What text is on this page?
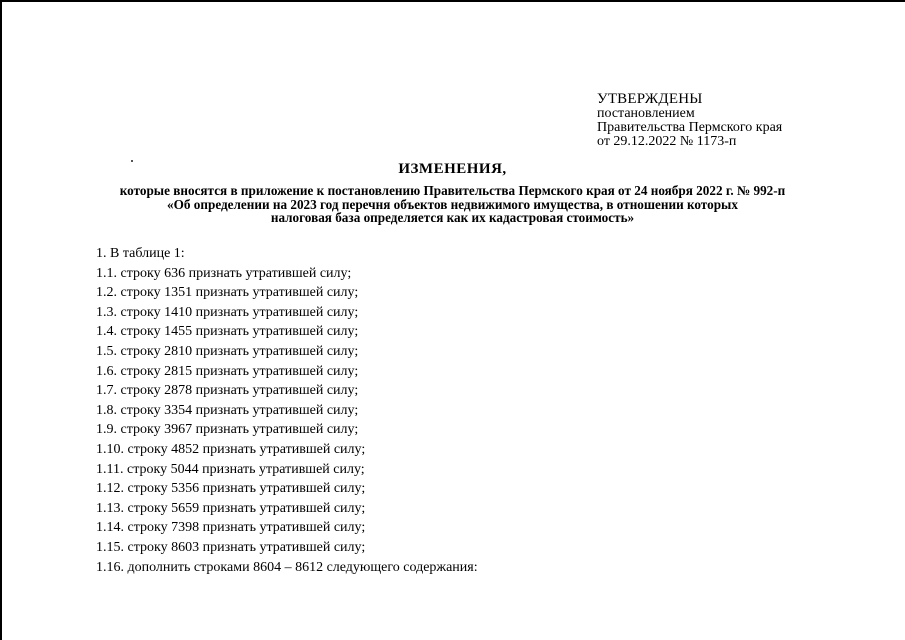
УТВЕРЖДЕНЫ
постановлением
Правительства Пермского края
от 29.12.2022 № 1173-п
ИЗМЕНЕНИЯ,
которые вносятся в приложение к постановлению Правительства Пермского края от 24 ноября 2022 г. № 992-п
«Об определении на 2023 год перечня объектов недвижимого имущества, в отношении которых
налоговая база определяется как их кадастровая стоимость»
1. В таблице 1:
1.1. строку 636 признать утратившей силу;
1.2. строку 1351 признать утратившей силу;
1.3. строку 1410 признать утратившей силу;
1.4. строку 1455 признать утратившей силу;
1.5. строку 2810 признать утратившей силу;
1.6. строку 2815 признать утратившей силу;
1.7. строку 2878 признать утратившей силу;
1.8. строку 3354 признать утратившей силу;
1.9. строку 3967 признать утратившей силу;
1.10. строку 4852 признать утратившей силу;
1.11. строку 5044 признать утратившей силу;
1.12. строку 5356 признать утратившей силу;
1.13. строку 5659 признать утратившей силу;
1.14. строку 7398 признать утратившей силу;
1.15. строку 8603 признать утратившей силу;
1.16. дополнить строками 8604 – 8612 следующего содержания:
